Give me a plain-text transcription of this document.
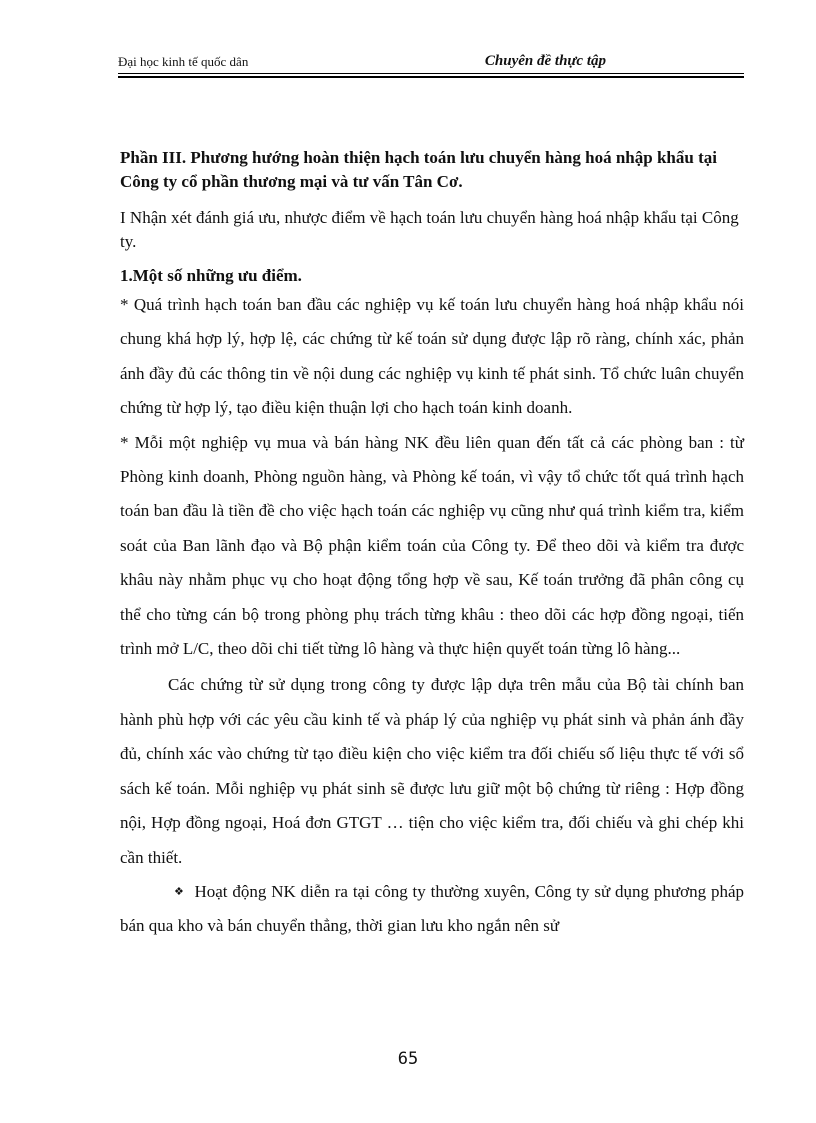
Đại học kinh tế quốc dân	Chuyên đề thực tập

Phần III. Phương hướng hoàn thiện hạch toán lưu chuyển hàng hoá nhập khẩu tại Công ty cổ phần thương mại và tư vấn Tân Cơ.

I Nhận xét đánh giá ưu, nhược điểm về hạch toán lưu chuyển hàng hoá nhập khẩu tại Công ty.

1.Một số những ưu điểm.

* Quá trình hạch toán ban đầu các nghiệp vụ kế toán lưu chuyển hàng hoá nhập khẩu nói chung khá hợp lý, hợp lệ, các chứng từ kế toán sử dụng được lập rõ ràng, chính xác, phản ánh đầy đủ các thông tin về nội dung các nghiệp vụ kinh tế phát sinh. Tổ chức luân chuyển chứng từ hợp lý, tạo điều kiện thuận lợi cho hạch toán kinh doanh.

* Mỗi một nghiệp vụ mua và bán hàng NK đều liên quan đến tất cả các phòng ban : từ Phòng kinh doanh, Phòng nguồn hàng, và Phòng kế toán, vì vậy tổ chức tốt quá trình hạch toán ban đầu là tiền đề cho việc hạch toán các nghiệp vụ cũng như quá trình kiểm tra, kiểm soát của Ban lãnh đạo và Bộ phận kiểm toán của Công ty. Để theo dõi và kiểm tra được khâu này nhằm phục vụ cho hoạt động tổng hợp về sau, Kế toán trưởng đã phân công cụ thể cho từng cán bộ trong phòng phụ trách từng khâu : theo dõi các hợp đồng ngoại, tiến trình mở L/C, theo dõi chi tiết từng lô hàng và thực hiện quyết toán từng lô hàng...

Các chứng từ sử dụng trong công ty được lập dựa trên mẫu của Bộ tài chính ban hành phù hợp với các yêu cầu kinh tế và pháp lý của nghiệp vụ phát sinh và phản ánh đầy đủ, chính xác vào chứng từ tạo điều kiện cho việc kiểm tra đối chiếu số liệu thực tế với sổ sách kế toán. Mỗi nghiệp vụ phát sinh sẽ được lưu giữ một bộ chứng từ riêng : Hợp đồng nội, Hợp đồng ngoại, Hoá đơn GTGT … tiện cho việc kiểm tra, đối chiếu và ghi chép khi cần thiết.

❖ Hoạt động NK diễn ra tại công ty thường xuyên, Công ty sử dụng phương pháp bán qua kho và bán chuyển thẳng, thời gian lưu kho ngắn nên sử

65
